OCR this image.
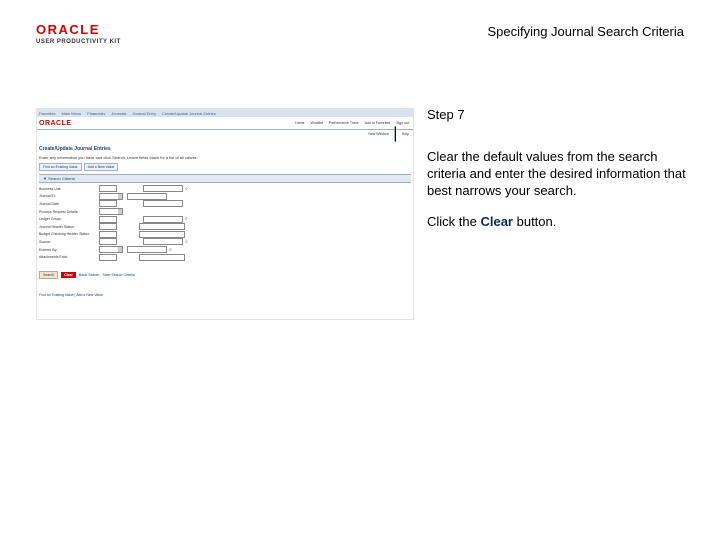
ORACLE
USER PRODUCTIVITY KIT
Specifying Journal Search Criteria
Favorites Main Menu Financials Journals Journal Entry Create/Update Journal Entries
ORACLE	Home Worklist Performance Trace Add to Favorites Sign out
New Window | Help
Create/Update Journal Entries
Enter any information you have and click Search. Leave fields blank for a list of all values.
Find an Existing Value	Add a New Value
▼ Search Criteria
Business Unit:	⌕
Journal ID:
Journal Date:
Process Request Details:
Ledger Group:	⌕
Journal Header Status:
Budget Checking Header Status:
Source:	⌕
Entered By:	⌕
Attachments Exist:
Search	Clear	Basic Search Save Search Criteria
Find an Existing Value | Add a New Value
Step 7
Clear the default values from the search criteria and enter the desired information that best narrows your search.
Click the Clear button.
